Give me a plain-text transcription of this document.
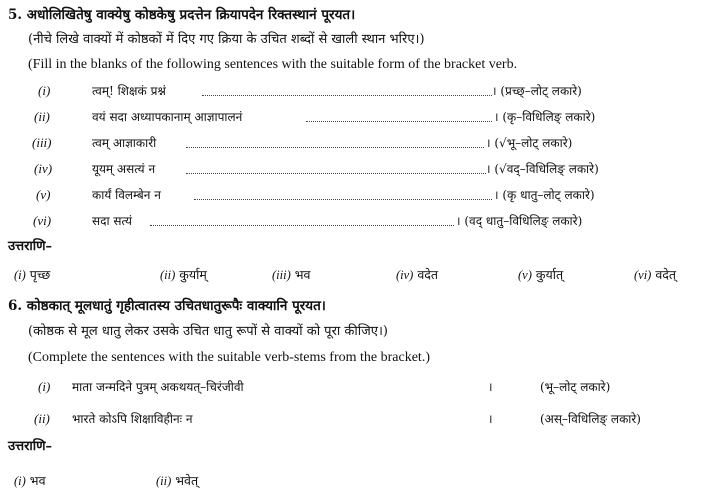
5. अधोलिखितेषु वाक्येषु कोष्ठकेषु प्रदत्तेन क्रियापदेन रिक्तस्थानं पूरयत।
(नीचे लिखे वाक्यों में कोष्ठकों में दिए गए क्रिया के उचित शब्दों से खाली स्थान भरिए।)
(Fill in the blanks of the following sentences with the suitable form of the bracket verb.
(i)	त्वम्! शिक्षकं प्रश्नं	। (प्रच्छ्–लोट् लकारे)
(ii)	वयं सदा अध्यापकानाम् आज्ञापालनं	। (कृ–विधिलिङ् लकारे)
(iii)	त्वम् आज्ञाकारी	। (√भू–लोट् लकारे)
(iv)	यूयम् असत्यं न	। (√वद्–विधिलिङ् लकारे)
(v)	कार्यं विलम्बेन न	। (कृ धातु–लोट् लकारे)
(vi)	सदा सत्यं	। (वद् धातु–विधिलिङ् लकारे)
उत्तराणि–
(i) पृच्छ	(ii) कुर्याम्	(iii) भव	(iv) वदेत	(v) कुर्यात्	(vi) वदेत्
6. कोष्ठकात् मूलधातुं गृहीत्वातस्य उचितधातुरूपैः वाक्यानि पूरयत।
(कोष्ठक से मूल धातु लेकर उसके उचित धातु रूपों से वाक्यों को पूरा कीजिए।)
(Complete the sentences with the suitable verb-stems from the bracket.)
(i) माता जन्मदिने पुत्रम् अकथयत्–चिरंजीवी	।	(भू–लोट् लकारे)
(ii) भारते कोऽपि शिक्षाविहीनः न	।	(अस्–विधिलिङ् लकारे)
उत्तराणि–
(i) भव	(ii) भवेत्
